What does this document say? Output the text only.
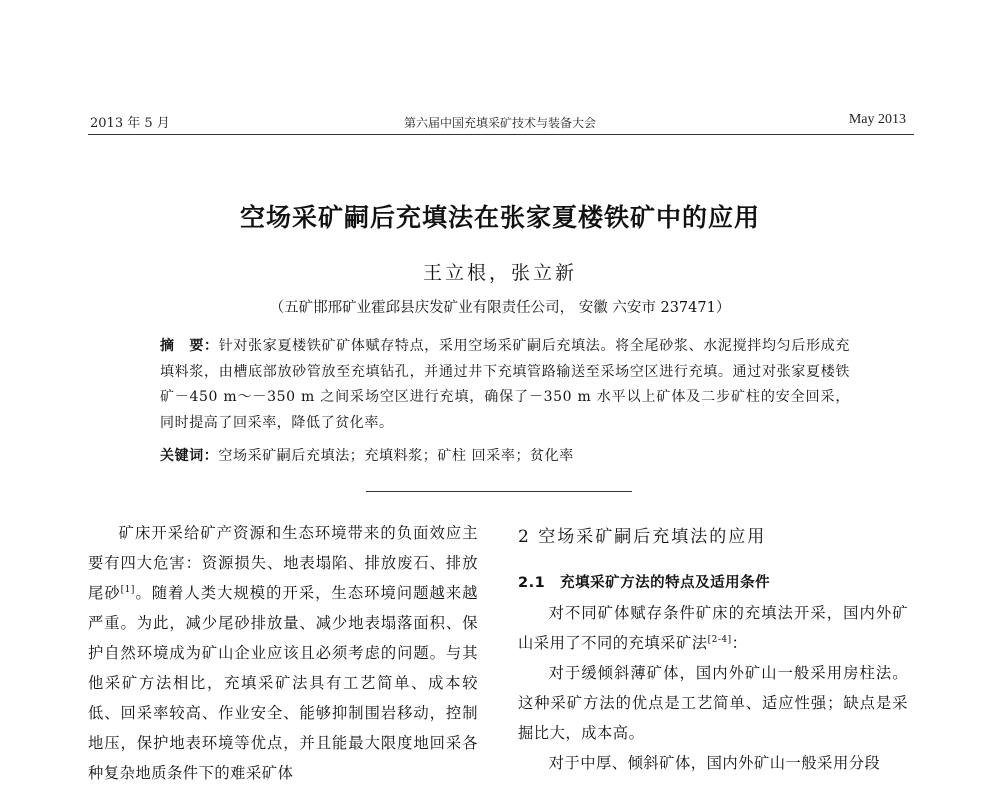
2013 年 5 月	第六届中国充填采矿技术与装备大会	May 2013
空场采矿嗣后充填法在张家夏楼铁矿中的应用
王立根，张立新
（五矿邯邢矿业霍邱县庆发矿业有限责任公司， 安徽 六安市 237471）
摘　要：针对张家夏楼铁矿矿体赋存特点，采用空场采矿嗣后充填法。将全尾砂浆、水泥搅拌均匀后形成充填料浆，由槽底部放砂管放至充填钻孔，并通过井下充填管路输送至采场空区进行充填。通过对张家夏楼铁矿－450 m～－350 m 之间采场空区进行充填，确保了－350 m 水平以上矿体及二步矿柱的安全回采，同时提高了回采率，降低了贫化率。
关键词：空场采矿嗣后充填法；充填料浆；矿柱 回采率；贫化率

矿床开采给矿产资源和生态环境带来的负面效应主要有四大危害：资源损失、地表塌陷、排放废石、排放尾砂[1]。随着人类大规模的开采，生态环境问题越来越严重。为此，减少尾砂排放量、减少地表塌落面积、保护自然环境成为矿山企业应该且必须考虑的问题。与其他采矿方法相比，充填采矿法具有工艺简单、成本较低、回采率较高、作业安全、能够抑制围岩移动，控制地压，保护地表环境等优点，并且能最大限度地回采各种复杂地质条件下的难采矿体

2 空场采矿嗣后充填法的应用
2.1　充填采矿方法的特点及适用条件

对不同矿体赋存条件矿床的充填法开采，国内外矿山采用了不同的充填采矿法[2-4]：

对于缓倾斜薄矿体，国内外矿山一般采用房柱法。这种采矿方法的优点是工艺简单、适应性强；缺点是采掘比大，成本高。

对于中厚、倾斜矿体，国内外矿山一般采用分段
